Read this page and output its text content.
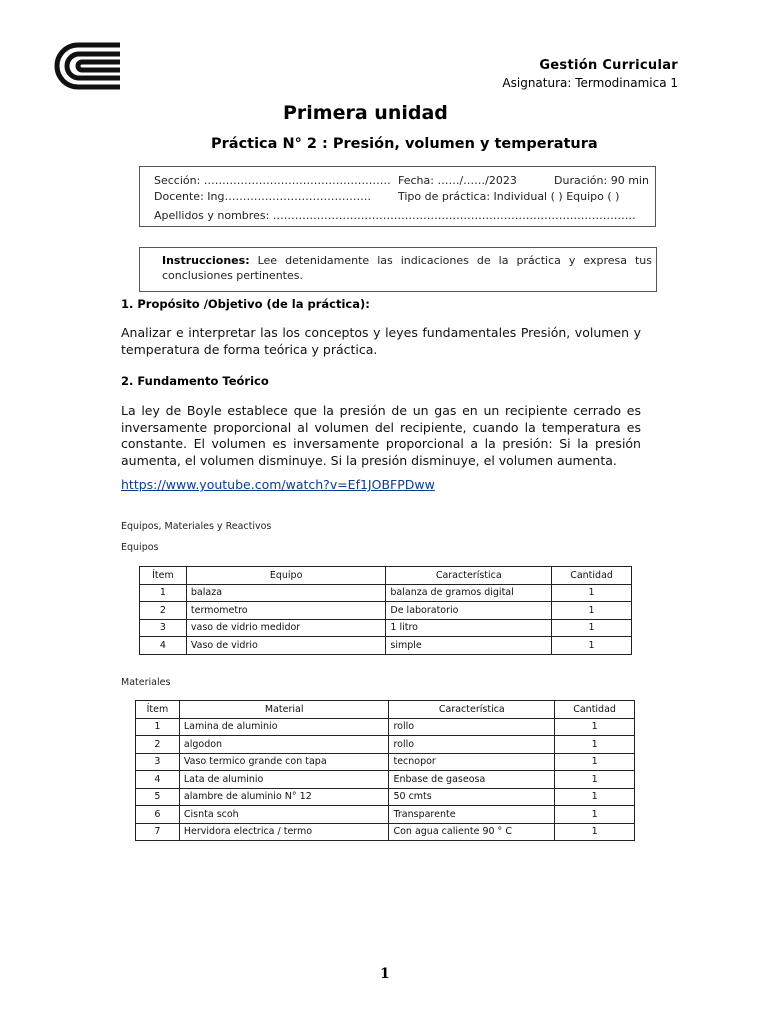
Gestión Curricular
Asignatura: Termodinamica 1
Primera unidad
Práctica N° 2 : Presión, volumen y temperatura
Sección: …………………………………………… Fecha: ……/……/2023	Duración: 90 min
Docente: Ing…………………………………. Tipo de práctica: Individual ( ) Equipo ( )
Apellidos y nombres: ………………………………………………………………………………………
Instrucciones: Lee detenidamente las indicaciones de la práctica y expresa tus conclusiones pertinentes.
1. Propósito /Objetivo (de la práctica):
Analizar e interpretar las los conceptos y leyes fundamentales Presión, volumen y temperatura de forma teórica y práctica.
2. Fundamento Teórico
La ley de Boyle establece que la presión de un gas en un recipiente cerrado es inversamente proporcional al volumen del recipiente, cuando la temperatura es constante. El volumen es inversamente proporcional a la presión: Si la presión aumenta, el volumen disminuye. Si la presión disminuye, el volumen aumenta.
https://www.youtube.com/watch?v=Ef1JOBFPDww
Equipos, Materiales y Reactivos
Equipos
Ítem	Equipo	Característica	Cantidad
1	balaza	balanza de gramos digital	1
2	termometro	De laboratorio	1
3	vaso de vidrio medidor	1 litro	1
4	Vaso de vidrio	simple	1
Materiales
Ítem	Material	Característica	Cantidad
1	Lamina de aluminio	rollo	1
2	algodon	rollo	1
3	Vaso termico grande con tapa	tecnopor	1
4	Lata de aluminio	Enbase de gaseosa	1
5	alambre de aluminio N° 12	50 cmts	1
6	Cisnta scoh	Transparente	1
7	Hervidora electrica / termo	Con agua caliente 90 ° C	1
1
